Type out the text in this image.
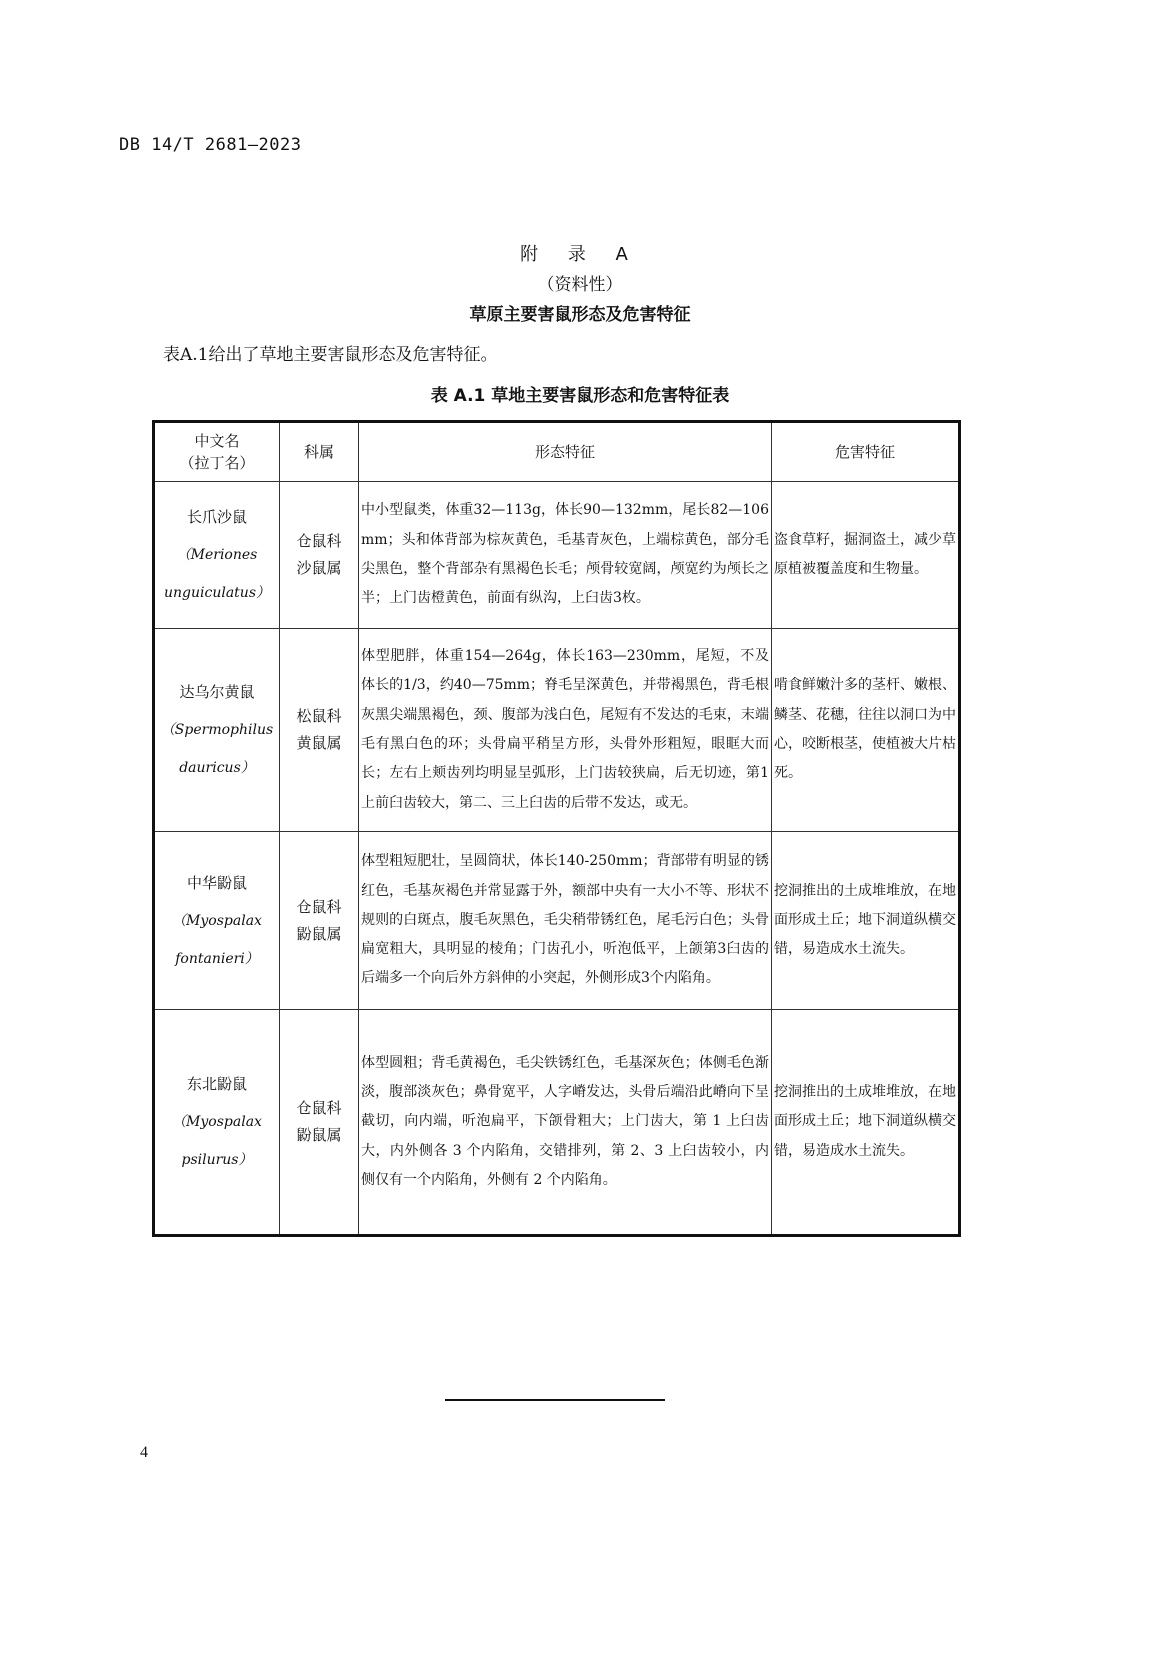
DB 14/T 2681—2023
附 录 A
（资料性）
草原主要害鼠形态及危害特征
表A.1给出了草地主要害鼠形态及危害特征。
表 A.1 草地主要害鼠形态和危害特征表
中文名
（拉丁名）	科属	形态特征	危害特征

长爪沙鼠
（Meriones
unguiculatus）	仓鼠科
沙鼠属	中小型鼠类，体重32—113g，体长90—132mm，尾长82—106 mm；头和体背部为棕灰黄色，毛基青灰色，上端棕黄色，部分毛尖黑色，整个背部杂有黑褐色长毛；颅骨较宽阔，颅宽约为颅长之半；上门齿橙黄色，前面有纵沟，上臼齿3枚。	盗食草籽，掘洞盗土，减少草原植被覆盖度和生物量。

达乌尔黄鼠
（Spermophilus
dauricus）	松鼠科
黄鼠属	体型肥胖，体重154—264g，体长163—230mm，尾短，不及体长的1/3，约40—75mm；脊毛呈深黄色，并带褐黑色，背毛根灰黑尖端黑褐色，颈、腹部为浅白色，尾短有不发达的毛束，末端毛有黑白色的环；头骨扁平稍呈方形，头骨外形粗短，眼眶大而长；左右上颊齿列均明显呈弧形，上门齿较狭扁，后无切迹，第1上前臼齿较大，第二、三上臼齿的后带不发达，或无。	啃食鲜嫩汁多的茎杆、嫩根、鳞茎、花穗，往往以洞口为中心，咬断根茎，使植被大片枯死。

中华鼢鼠
（Myospalax
fontanieri）	仓鼠科
鼢鼠属	体型粗短肥壮，呈圆筒状，体长140-250mm；背部带有明显的锈红色，毛基灰褐色并常显露于外，额部中央有一大小不等、形状不规则的白斑点，腹毛灰黑色，毛尖稍带锈红色，尾毛污白色；头骨扁宽粗大，具明显的棱角；门齿孔小，听泡低平，上颌第3臼齿的后端多一个向后外方斜伸的小突起，外侧形成3个内陷角。	挖洞推出的土成堆堆放，在地面形成土丘；地下洞道纵横交错，易造成水土流失。

东北鼢鼠
（Myospalax
psilurus）	仓鼠科
鼢鼠属	体型圆粗；背毛黄褐色，毛尖铁锈红色，毛基深灰色；体侧毛色渐淡，腹部淡灰色；鼻骨宽平，人字嵴发达，头骨后端沿此嵴向下呈截切，向内端，听泡扁平，下颌骨粗大；上门齿大，第 1 上臼齿大，内外侧各 3 个内陷角，交错排列，第 2、3 上臼齿较小，内侧仅有一个内陷角，外侧有 2 个内陷角。	挖洞推出的土成堆堆放，在地面形成土丘；地下洞道纵横交错，易造成水土流失。
4
